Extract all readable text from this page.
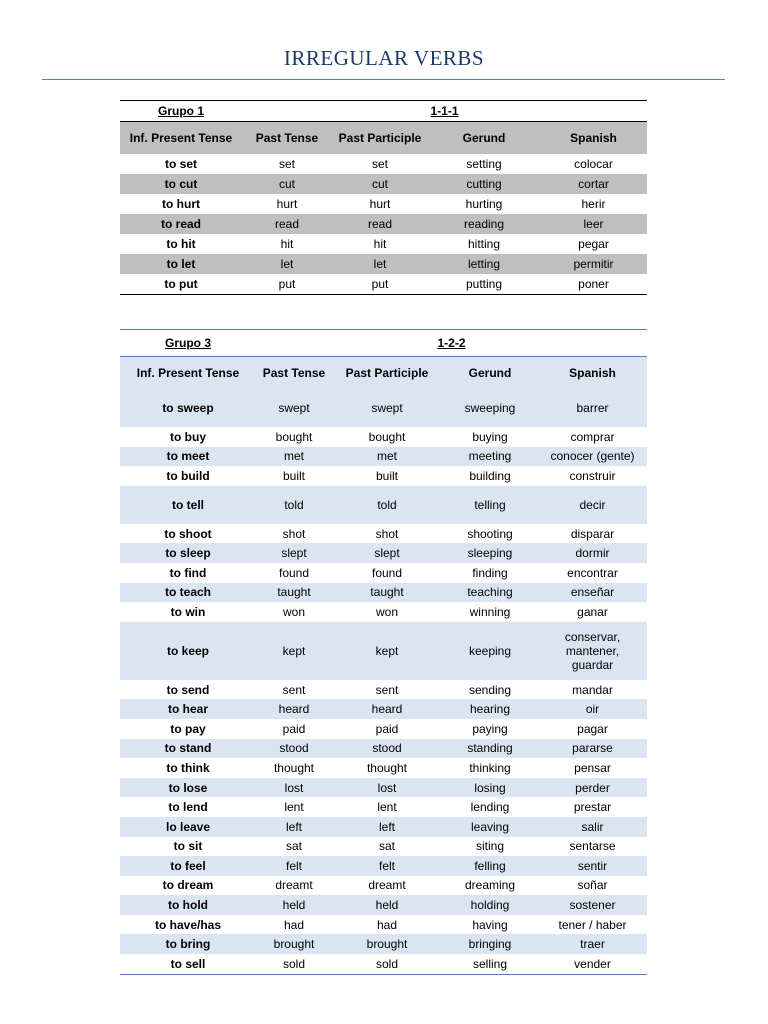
IRREGULAR VERBS
Grupo 1	1-1-1			
Inf. Present Tense	Past Tense	Past Participle	Gerund	Spanish
to set	set	set	setting	colocar
to cut	cut	cut	cutting	cortar
to hurt	hurt	hurt	hurting	herir
to read	read	read	reading	leer
to hit	hit	hit	hitting	pegar
to let	let	let	letting	permitir
to put	put	put	putting	poner
Grupo 3	1-2-2			
Inf. Present Tense	Past Tense	Past Participle	Gerund	Spanish
to sweep	swept	swept	sweeping	barrer
to buy	bought	bought	buying	comprar
to meet	met	met	meeting	conocer (gente)
to build	built	built	building	construir
to tell	told	told	telling	decir
to shoot	shot	shot	shooting	disparar
to sleep	slept	slept	sleeping	dormir
to find	found	found	finding	encontrar
to teach	taught	taught	teaching	enseñar
to win	won	won	winning	ganar
to keep	kept	kept	keeping	conservar,
mantener,
guardar
to send	sent	sent	sending	mandar
to hear	heard	heard	hearing	oir
to pay	paid	paid	paying	pagar
to stand	stood	stood	standing	pararse
to think	thought	thought	thinking	pensar
to lose	lost	lost	losing	perder
to lend	lent	lent	lending	prestar
lo leave	left	left	leaving	salir
to sit	sat	sat	siting	sentarse
to feel	felt	felt	felling	sentir
to dream	dreamt	dreamt	dreaming	soñar
to hold	held	held	holding	sostener
to have/has	had	had	having	tener / haber
to bring	brought	brought	bringing	traer
to sell	sold	sold	selling	vender
